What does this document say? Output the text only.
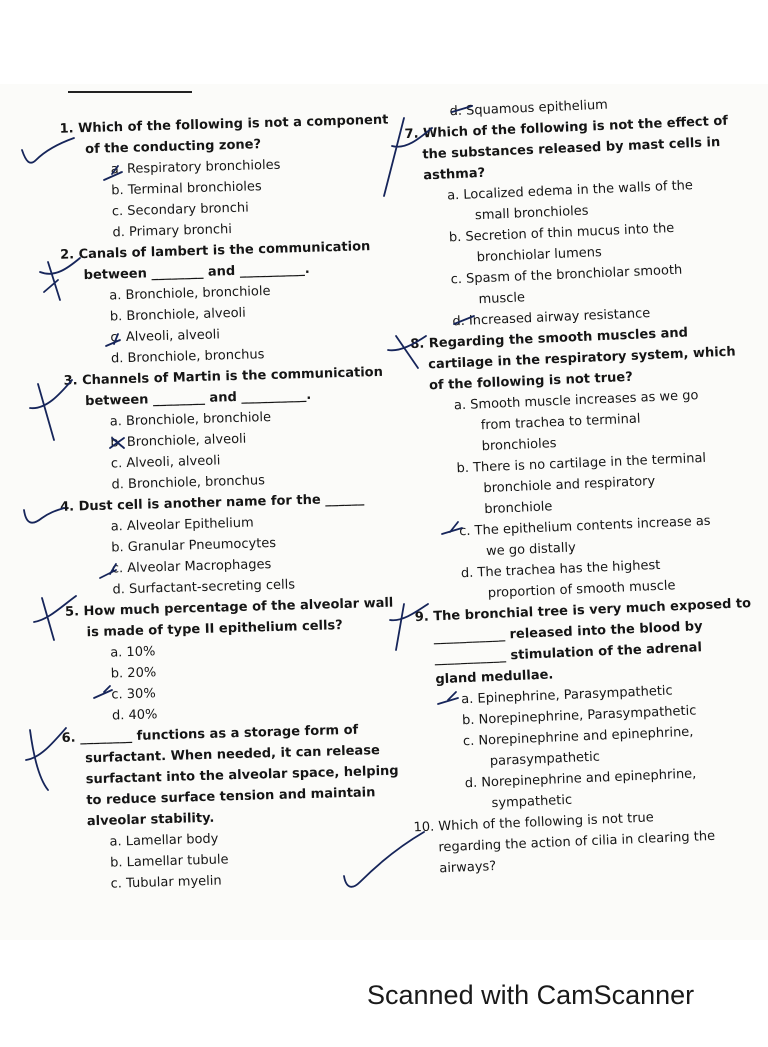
1. Which of the following is not a component
of the conducting zone?
a. Respiratory bronchioles
b. Terminal bronchioles
c. Secondary bronchi
d. Primary bronchi
2. Canals of lambert is the communication
between ________ and __________.
a. Bronchiole, bronchiole
b. Bronchiole, alveoli
c. Alveoli, alveoli
d. Bronchiole, bronchus
3. Channels of Martin is the communication
between ________ and __________.
a. Bronchiole, bronchiole
b. Bronchiole, alveoli
c. Alveoli, alveoli
d. Bronchiole, bronchus
4. Dust cell is another name for the ______
a. Alveolar Epithelium
b. Granular Pneumocytes
c. Alveolar Macrophages
d. Surfactant-secreting cells
5. How much percentage of the alveolar wall
is made of type II epithelium cells?
a. 10%
b. 20%
c. 30%
d. 40%
6. ________ functions as a storage form of
surfactant. When needed, it can release
surfactant into the alveolar space, helping
to reduce surface tension and maintain
alveolar stability.
a. Lamellar body
b. Lamellar tubule
c. Tubular myelin
d. Squamous epithelium
7. Which of the following is not the effect of
the substances released by mast cells in
asthma?
a. Localized edema in the walls of the
small bronchioles
b. Secretion of thin mucus into the
bronchiolar lumens
c. Spasm of the bronchiolar smooth
muscle
d. Increased airway resistance
8. Regarding the smooth muscles and
cartilage in the respiratory system, which
of the following is not true?
a. Smooth muscle increases as we go
from trachea to terminal
bronchioles
b. There is no cartilage in the terminal
bronchiole and respiratory
bronchiole
c. The epithelium contents increase as
we go distally
d. The trachea has the highest
proportion of smooth muscle
9. The bronchial tree is very much exposed to
___________ released into the blood by
___________ stimulation of the adrenal
gland medullae.
a. Epinephrine, Parasympathetic
b. Norepinephrine, Parasympathetic
c. Norepinephrine and epinephrine,
parasympathetic
d. Norepinephrine and epinephrine,
sympathetic
10. Which of the following is not true
regarding the action of cilia in clearing the
airways?
Scanned with CamScanner
